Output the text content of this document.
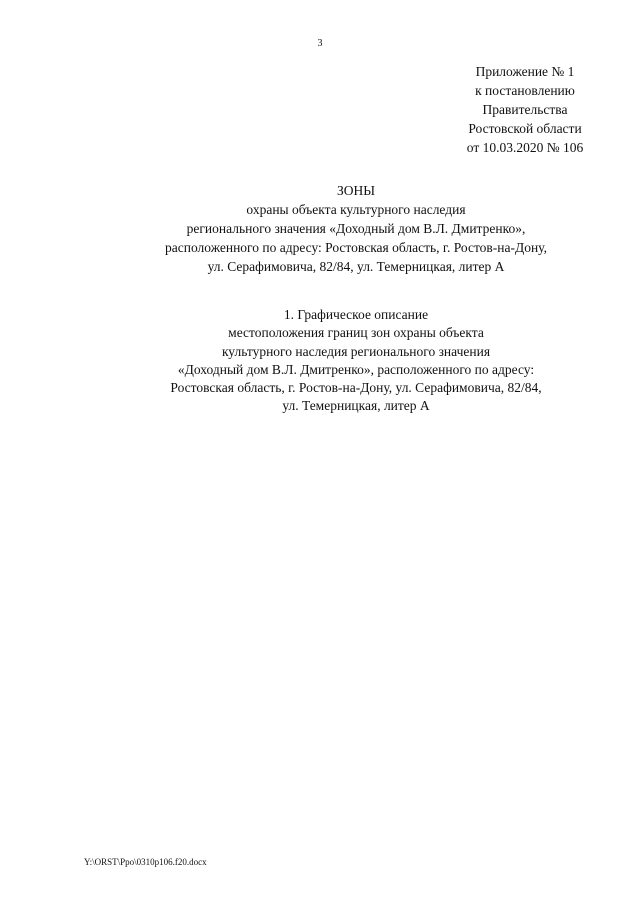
3
Приложение № 1
к постановлению
Правительства
Ростовской области
от 10.03.2020 № 106
ЗОНЫ
охраны объекта культурного наследия
регионального значения «Доходный дом В.Л. Дмитренко»,
расположенного по адресу: Ростовская область, г. Ростов-на-Дону,
ул. Серафимовича, 82/84, ул. Темерницкая, литер А
1. Графическое описание
местоположения границ зон охраны объекта
культурного наследия регионального значения
«Доходный дом В.Л. Дмитренко», расположенного по адресу:
Ростовская область, г. Ростов-на-Дону, ул. Серафимовича, 82/84,
ул. Темерницкая, литер А
Y:\ORST\Ppo\0310p106.f20.docx
